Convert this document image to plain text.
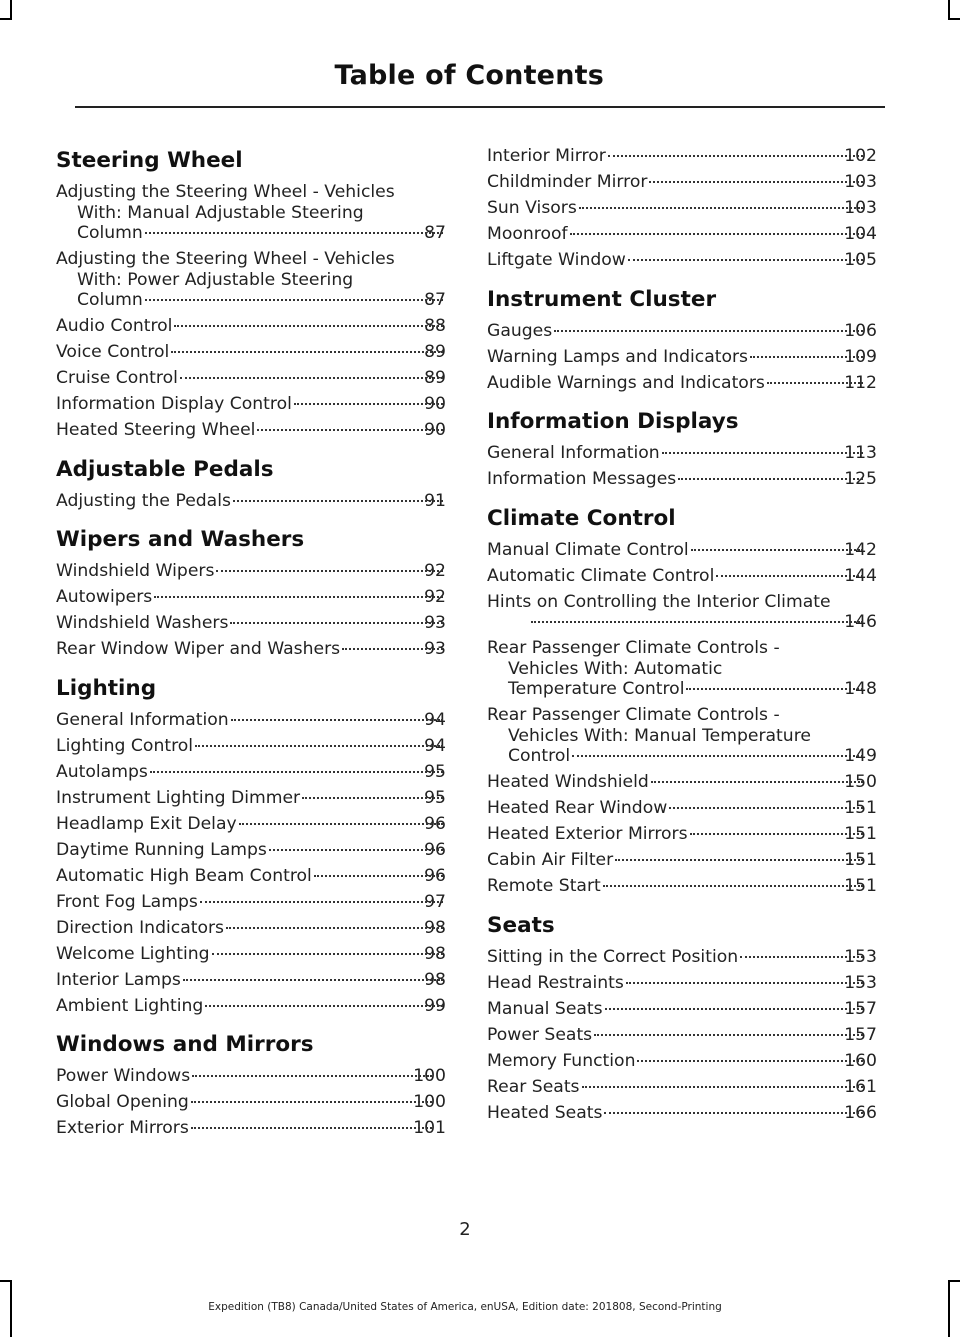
Table of Contents
Steering Wheel
Adjusting the Steering Wheel - Vehicles
With: Manual Adjustable Steering
Column	87
Adjusting the Steering Wheel - Vehicles
With: Power Adjustable Steering
Column	87
Audio Control	88
Voice Control	89
Cruise Control	89
Information Display Control	90
Heated Steering Wheel	90
Adjustable Pedals
Adjusting the Pedals	91
Wipers and Washers
Windshield Wipers	92
Autowipers	92
Windshield Washers	93
Rear Window Wiper and Washers	93
Lighting
General Information	94
Lighting Control	94
Autolamps	95
Instrument Lighting Dimmer	95
Headlamp Exit Delay	96
Daytime Running Lamps	96
Automatic High Beam Control	96
Front Fog Lamps	97
Direction Indicators	98
Welcome Lighting	98
Interior Lamps	98
Ambient Lighting	99
Windows and Mirrors
Power Windows	100
Global Opening	100
Exterior Mirrors	101
Interior Mirror	102
Childminder Mirror	103
Sun Visors	103
Moonroof	104
Liftgate Window	105
Instrument Cluster
Gauges	106
Warning Lamps and Indicators	109
Audible Warnings and Indicators	112
Information Displays
General Information	113
Information Messages	125
Climate Control
Manual Climate Control	142
Automatic Climate Control	144
Hints on Controlling the Interior Climate
146
Rear Passenger Climate Controls -
Vehicles With: Automatic
Temperature Control	148
Rear Passenger Climate Controls -
Vehicles With: Manual Temperature
Control	149
Heated Windshield	150
Heated Rear Window	151
Heated Exterior Mirrors	151
Cabin Air Filter	151
Remote Start	151
Seats
Sitting in the Correct Position	153
Head Restraints	153
Manual Seats	157
Power Seats	157
Memory Function	160
Rear Seats	161
Heated Seats	166
2
Expedition (TB8) Canada/United States of America, enUSA, Edition date: 201808, Second-Printing
